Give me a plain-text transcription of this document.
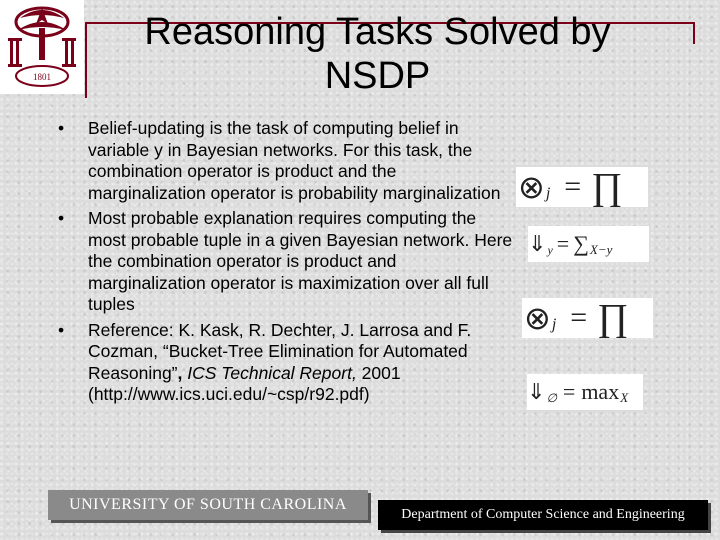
1801
Reasoning Tasks Solved by NSDP
•	Belief-updating is the task of computing belief in variable y in Bayesian networks. For this task, the combination operator is product and the marginalization operator is probability marginalization
•	Most probable explanation requires computing the most probable tuple in a given Bayesian network. Here the combination operator is product and marginalization operator is maximization over all full tuples
•	Reference: K. Kask, R. Dechter, J. Larrosa and F. Cozman, “Bucket-Tree Elimination for Automated Reasoning”, ICS Technical Report, 2001 (http://www.ics.uci.edu/~csp/r92.pdf)
⊗ j = ∏
⇓ y = ∑ X−y
⊗ j = ∏
⇓ ∅ = max X
UNIVERSITY OF SOUTH CAROLINA
Department of Computer Science and Engineering
